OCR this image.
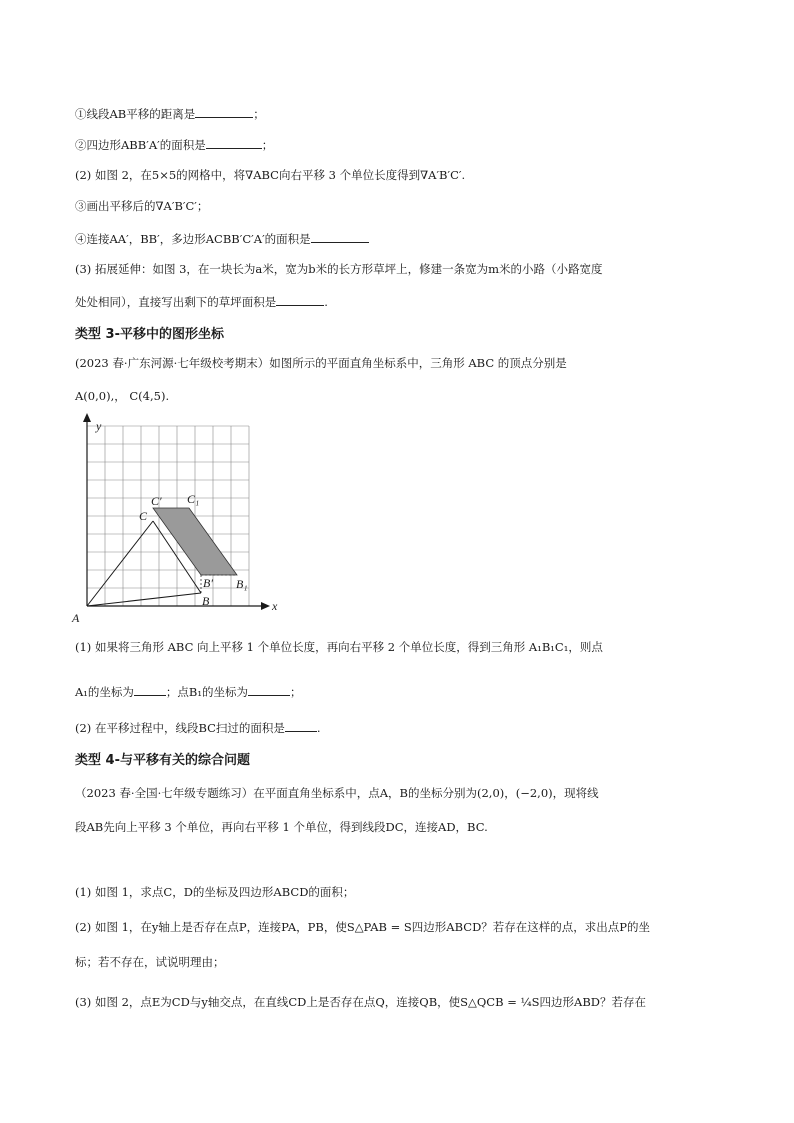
①线段AB平移的距离是	；
②四边形ABB′A′的面积是	；
(2) 如图 2，在5×5的网格中，将∇ABC向右平移 3 个单位长度得到∇A′B′C′.
③画出平移后的∇A′B′C′；
④连接AA′，BB′，多边形ACBB′C′A′的面积是
(3) 拓展延伸：如图 3，在一块长为a米，宽为b米的长方形草坪上，修建一条宽为m米的小路（小路宽度
处处相同），直接写出剩下的草坪面积是	.
类型 3-平移中的图形坐标
(2023 春·广东河源·七年级校考期末）如图所示的平面直角坐标系中，三角形 ABC 的顶点分别是
A(0,0),， C(4,5).
x
y
A
B
C
B′
C′
B₁
C₁
(1) 如果将三角形 ABC 向上平移 1 个单位长度，再向右平移 2 个单位长度，得到三角形 A₁B₁C₁，则点
A₁的坐标为	；点B₁的坐标为	；
(2) 在平移过程中，线段BC扫过的面积是	.
类型 4-与平移有关的综合问题
（2023 春·全国·七年级专题练习）在平面直角坐标系中，点A，B的坐标分别为(2,0)，(−2,0)，现将线
段AB先向上平移 3 个单位，再向右平移 1 个单位，得到线段DC，连接AD，BC.
(1) 如图 1，求点C，D的坐标及四边形ABCD的面积；
(2) 如图 1，在y轴上是否存在点P，连接PA，PB，使S△PAB = S四边形ABCD？若存在这样的点，求出点P的坐
标；若不存在，试说明理由；
(3) 如图 2，点E为CD与y轴交点，在直线CD上是否存在点Q，连接QB，使S△QCB = ¼S四边形ABD？若存在
